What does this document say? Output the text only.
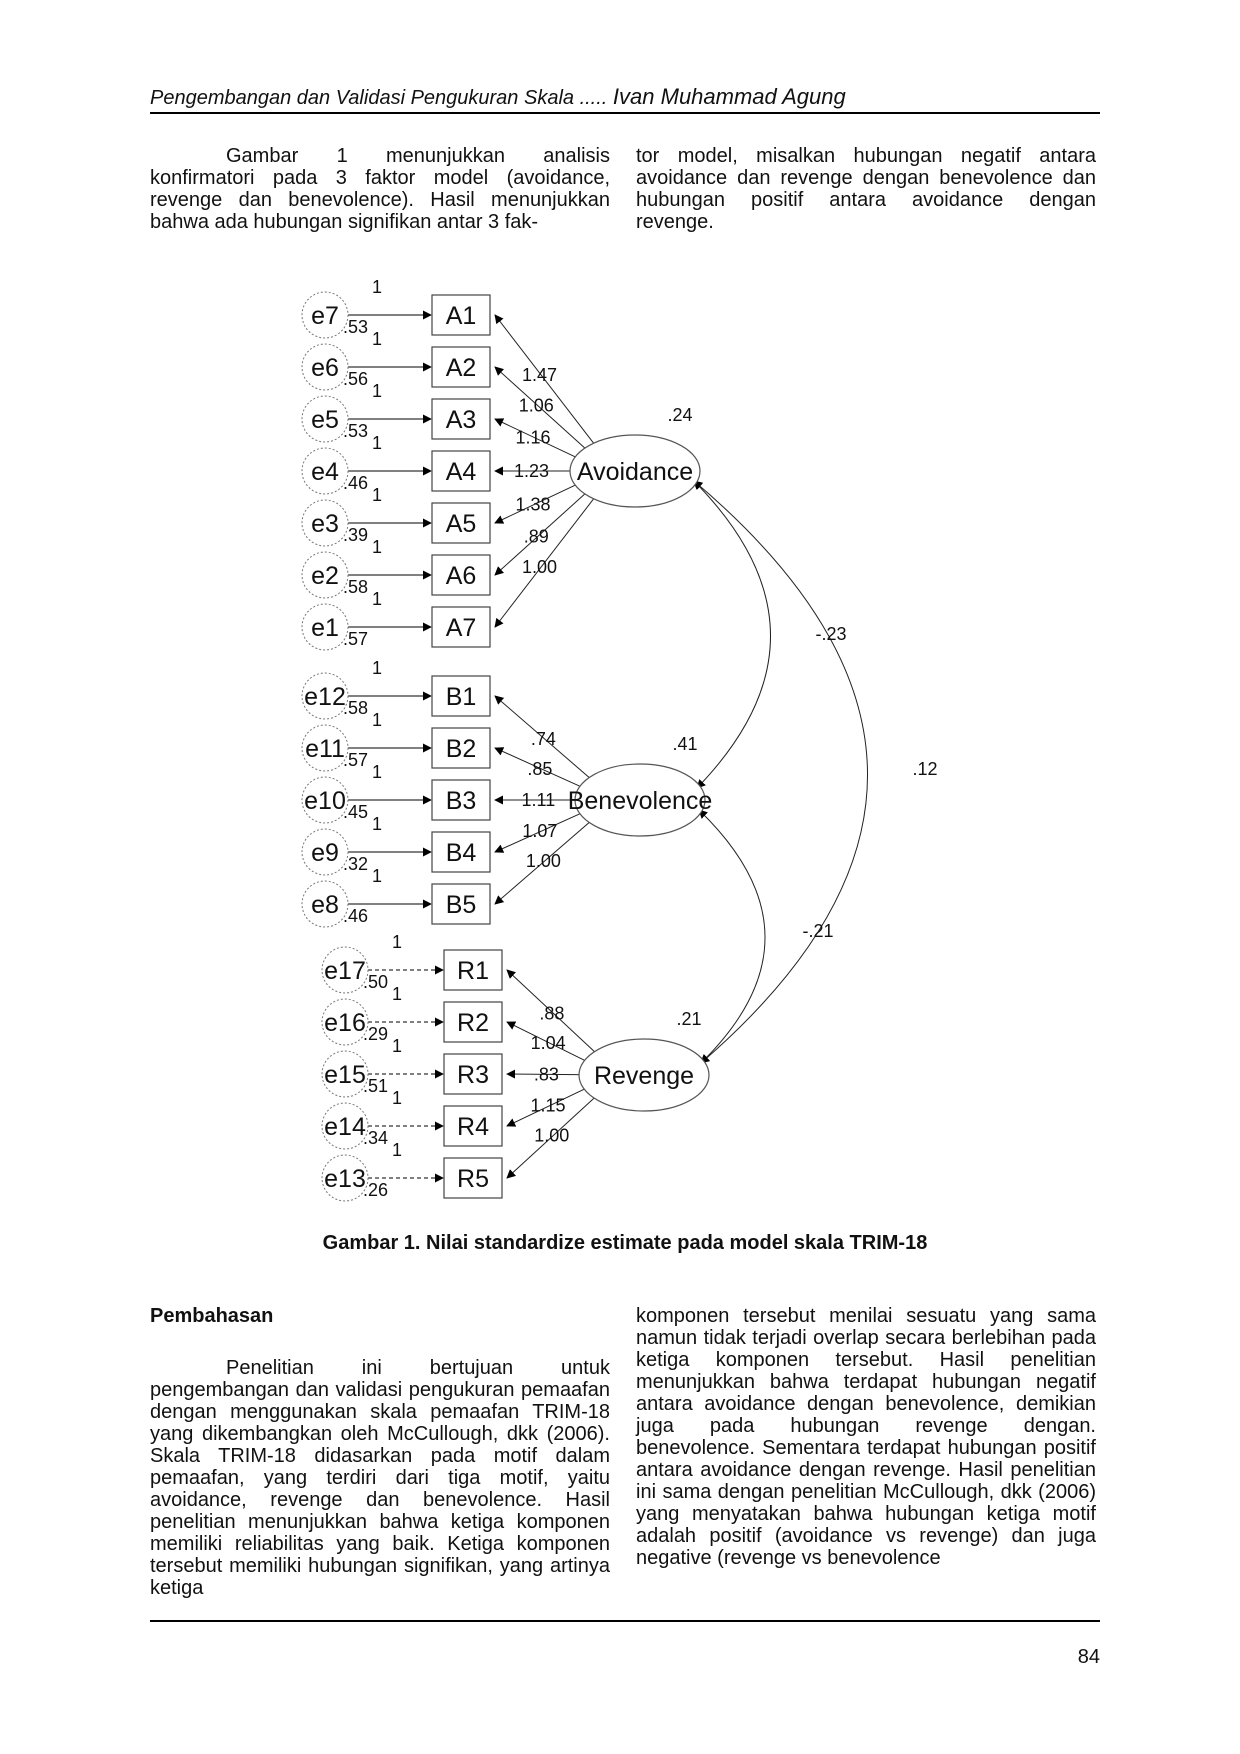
Pengembangan dan Validasi Pengukuran Skala ..... Ivan Muhammad Agung

Gambar 1 menunjukkan analisis konfirmatori pada 3 faktor model (avoidance, revenge dan benevolence). Hasil menunjukkan bahwa ada hubungan signifikan antar 3 fak-

tor model, misalkan hubungan negatif antara avoidance dan revenge dengan benevolence dan hubungan positif antara avoidance dengan revenge.

A1
e7 .53
1
A2
e6 .56
1
A3
e5 .53
1
A4
e4 .46
1
A5
e3 .39
1
A6
e2 .58
1
A7
e1 .57
1
B1
e12
.58
1
B2
e11
.57
1
B3
e10
.45
1
B4
e9 .32
1
B5
e8 .46
1
R1
e17
.50
1
R2
e16
.29
1
R3
e15
.51
1
R4
e14
.34
1
R5
e13
.26
1
1.47
1.06
1.16
1.23
1.38
.89
1.00
.74
.85
1.11
1.07
1.00
.88
1.04
.83
1.15
1.00
-.23
.12
-.21
Avoidance
.24
Benevolence
.41
Revenge
.21
Gambar 1. Nilai standardize estimate pada model skala TRIM-18

Pembahasan

Penelitian ini bertujuan untuk pengembangan dan validasi pengukuran pemaafan dengan menggunakan skala pemaafan TRIM-18 yang dikembangkan oleh McCullough, dkk (2006). Skala TRIM-18 didasarkan pada motif dalam pemaafan, yang terdiri dari tiga motif, yaitu avoidance, revenge dan benevolence. Hasil penelitian menunjukkan bahwa ketiga komponen memiliki reliabilitas yang baik. Ketiga komponen tersebut memiliki hubungan signifikan, yang artinya ketiga

komponen tersebut menilai sesuatu yang sama namun tidak terjadi overlap secara berlebihan pada ketiga komponen tersebut. Hasil penelitian menunjukkan bahwa terdapat hubungan negatif antara avoidance dengan benevolence, demikian juga pada hubungan revenge dengan. benevolence. Sementara terdapat hubungan positif antara avoidance dengan revenge. Hasil penelitian ini sama dengan penelitian McCullough, dkk (2006) yang menyatakan bahwa hubungan ketiga motif adalah positif (avoidance vs revenge) dan juga negative (revenge vs benevolence

84
